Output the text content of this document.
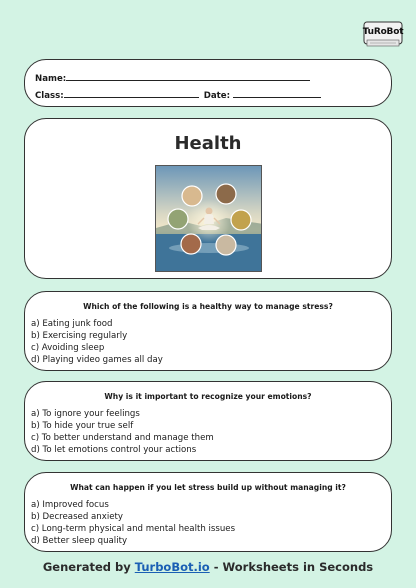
TuRoBot
Name:
Class:	Date:
Health

Which of the following is a healthy way to manage stress?

a) Eating junk food
b) Exercising regularly
c) Avoiding sleep
d) Playing video games all day

Why is it important to recognize your emotions?

a) To ignore your feelings
b) To hide your true self
c) To better understand and manage them
d) To let emotions control your actions

What can happen if you let stress build up without managing it?

a) Improved focus
b) Decreased anxiety
c) Long-term physical and mental health issues
d) Better sleep quality
Generated by TurboBot.io - Worksheets in Seconds
